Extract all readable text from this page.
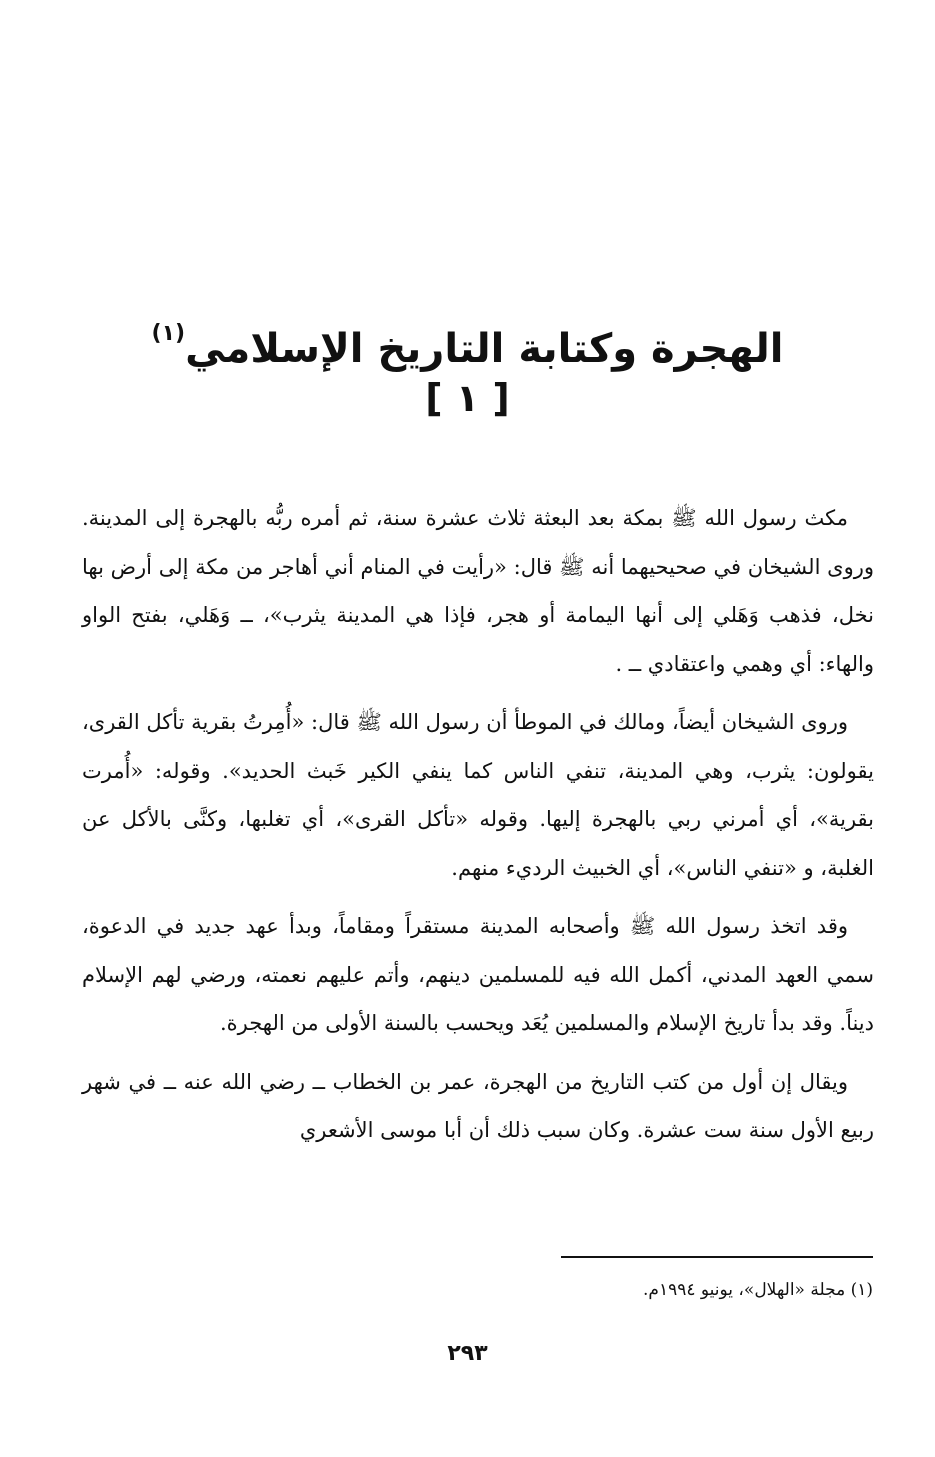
الهجرة وكتابة التاريخ الإسلامي$^{(١)}$
[ ١ ]

مكث رسول الله ﷺ بمكة بعد البعثة ثلاث عشرة سنة، ثم أمره ربُّه بالهجرة إلى المدينة. وروى الشيخان في صحيحيهما أنه ﷺ قال: «رأيت في المنام أني أهاجر من مكة إلى أرض بها نخل، فذهب وَهَلي إلى أنها اليمامة أو هجر، فإذا هي المدينة يثرب»، ــ وَهَلي، بفتح الواو والهاء: أي وهمي واعتقادي ــ .

وروى الشيخان أيضاً، ومالك في الموطأ أن رسول الله ﷺ قال: «أُمِرتُ بقرية تأكل القرى، يقولون: يثرب، وهي المدينة، تنفي الناس كما ينفي الكير خَبث الحديد». وقوله: «أُمرت بقرية»، أي أمرني ربي بالهجرة إليها. وقوله «تأكل القرى»، أي تغلبها، وكنَّى بالأكل عن الغلبة، و «تنفي الناس»، أي الخبيث الرديء منهم.

وقد اتخذ رسول الله ﷺ وأصحابه المدينة مستقراً ومقاماً، وبدأ عهد جديد في الدعوة، سمي العهد المدني، أكمل الله فيه للمسلمين دينهم، وأتم عليهم نعمته، ورضي لهم الإسلام ديناً. وقد بدأ تاريخ الإسلام والمسلمين يُعَد ويحسب بالسنة الأولى من الهجرة.

ويقال إن أول من كتب التاريخ من الهجرة، عمر بن الخطاب ــ رضي الله عنه ــ في شهر ربيع الأول سنة ست عشرة. وكان سبب ذلك أن أبا موسى الأشعري

(١) مجلة «الهلال»، يونيو ١٩٩٤م.

٢٩٣
